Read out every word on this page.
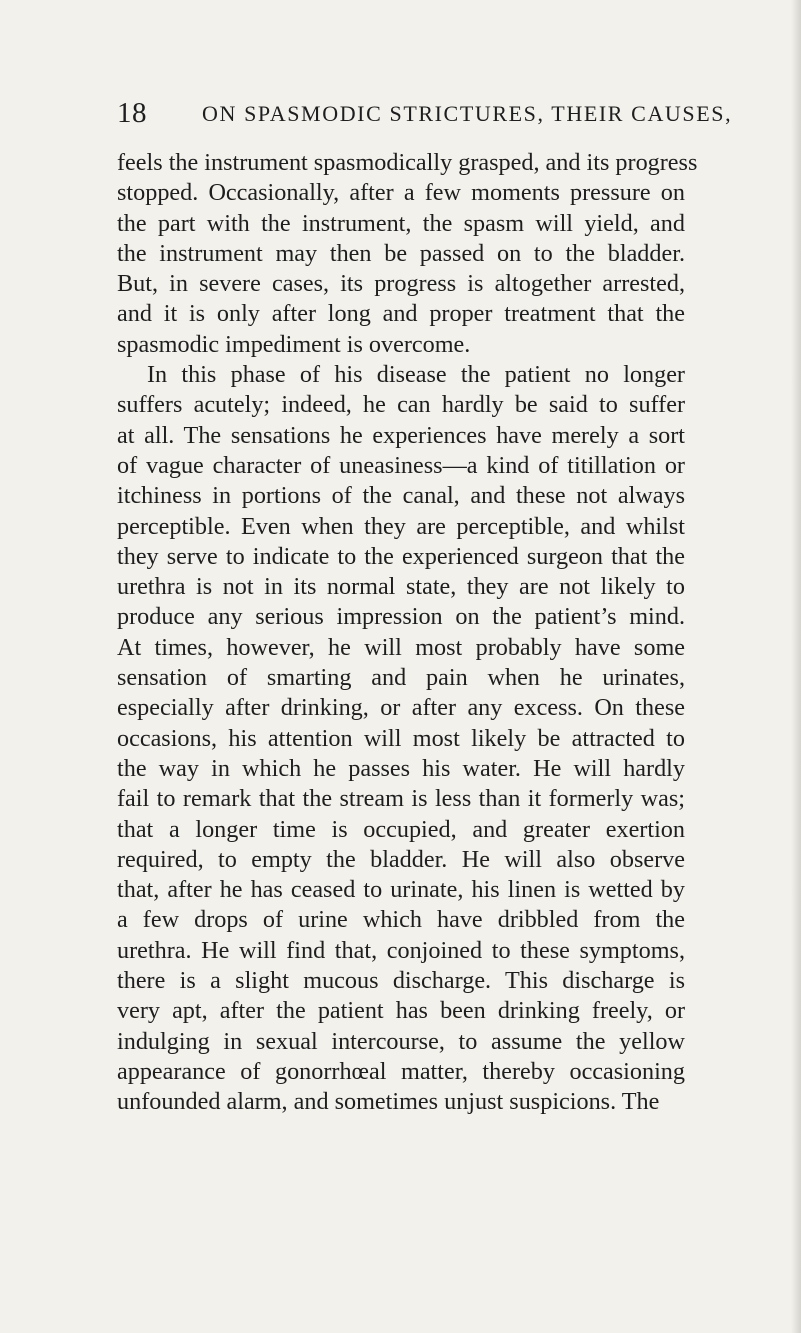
18	ON SPASMODIC STRICTURES, THEIR CAUSES,
feels the instrument spasmodically grasped, and its progress
stopped. Occasionally, after a few moments pressure on
the part with the instrument, the spasm will yield, and
the instrument may then be passed on to the bladder.
But, in severe cases, its progress is altogether arrested,
and it is only after long and proper treatment that the
spasmodic impediment is overcome.
In this phase of his disease the patient no longer
suffers acutely; indeed, he can hardly be said to suffer
at all. The sensations he experiences have merely a sort
of vague character of uneasiness—a kind of titillation or
itchiness in portions of the canal, and these not always
perceptible. Even when they are perceptible, and whilst
they serve to indicate to the experienced surgeon that the
urethra is not in its normal state, they are not likely to
produce any serious impression on the patient’s mind.
At times, however, he will most probably have some
sensation of smarting and pain when he urinates,
especially after drinking, or after any excess. On these
occasions, his attention will most likely be attracted to
the way in which he passes his water. He will hardly
fail to remark that the stream is less than it formerly was;
that a longer time is occupied, and greater exertion
required, to empty the bladder. He will also observe
that, after he has ceased to urinate, his linen is wetted by
a few drops of urine which have dribbled from the
urethra. He will find that, conjoined to these symptoms,
there is a slight mucous discharge. This discharge is
very apt, after the patient has been drinking freely, or
indulging in sexual intercourse, to assume the yellow
appearance of gonorrhœal matter, thereby occasioning
unfounded alarm, and sometimes unjust suspicions. The
